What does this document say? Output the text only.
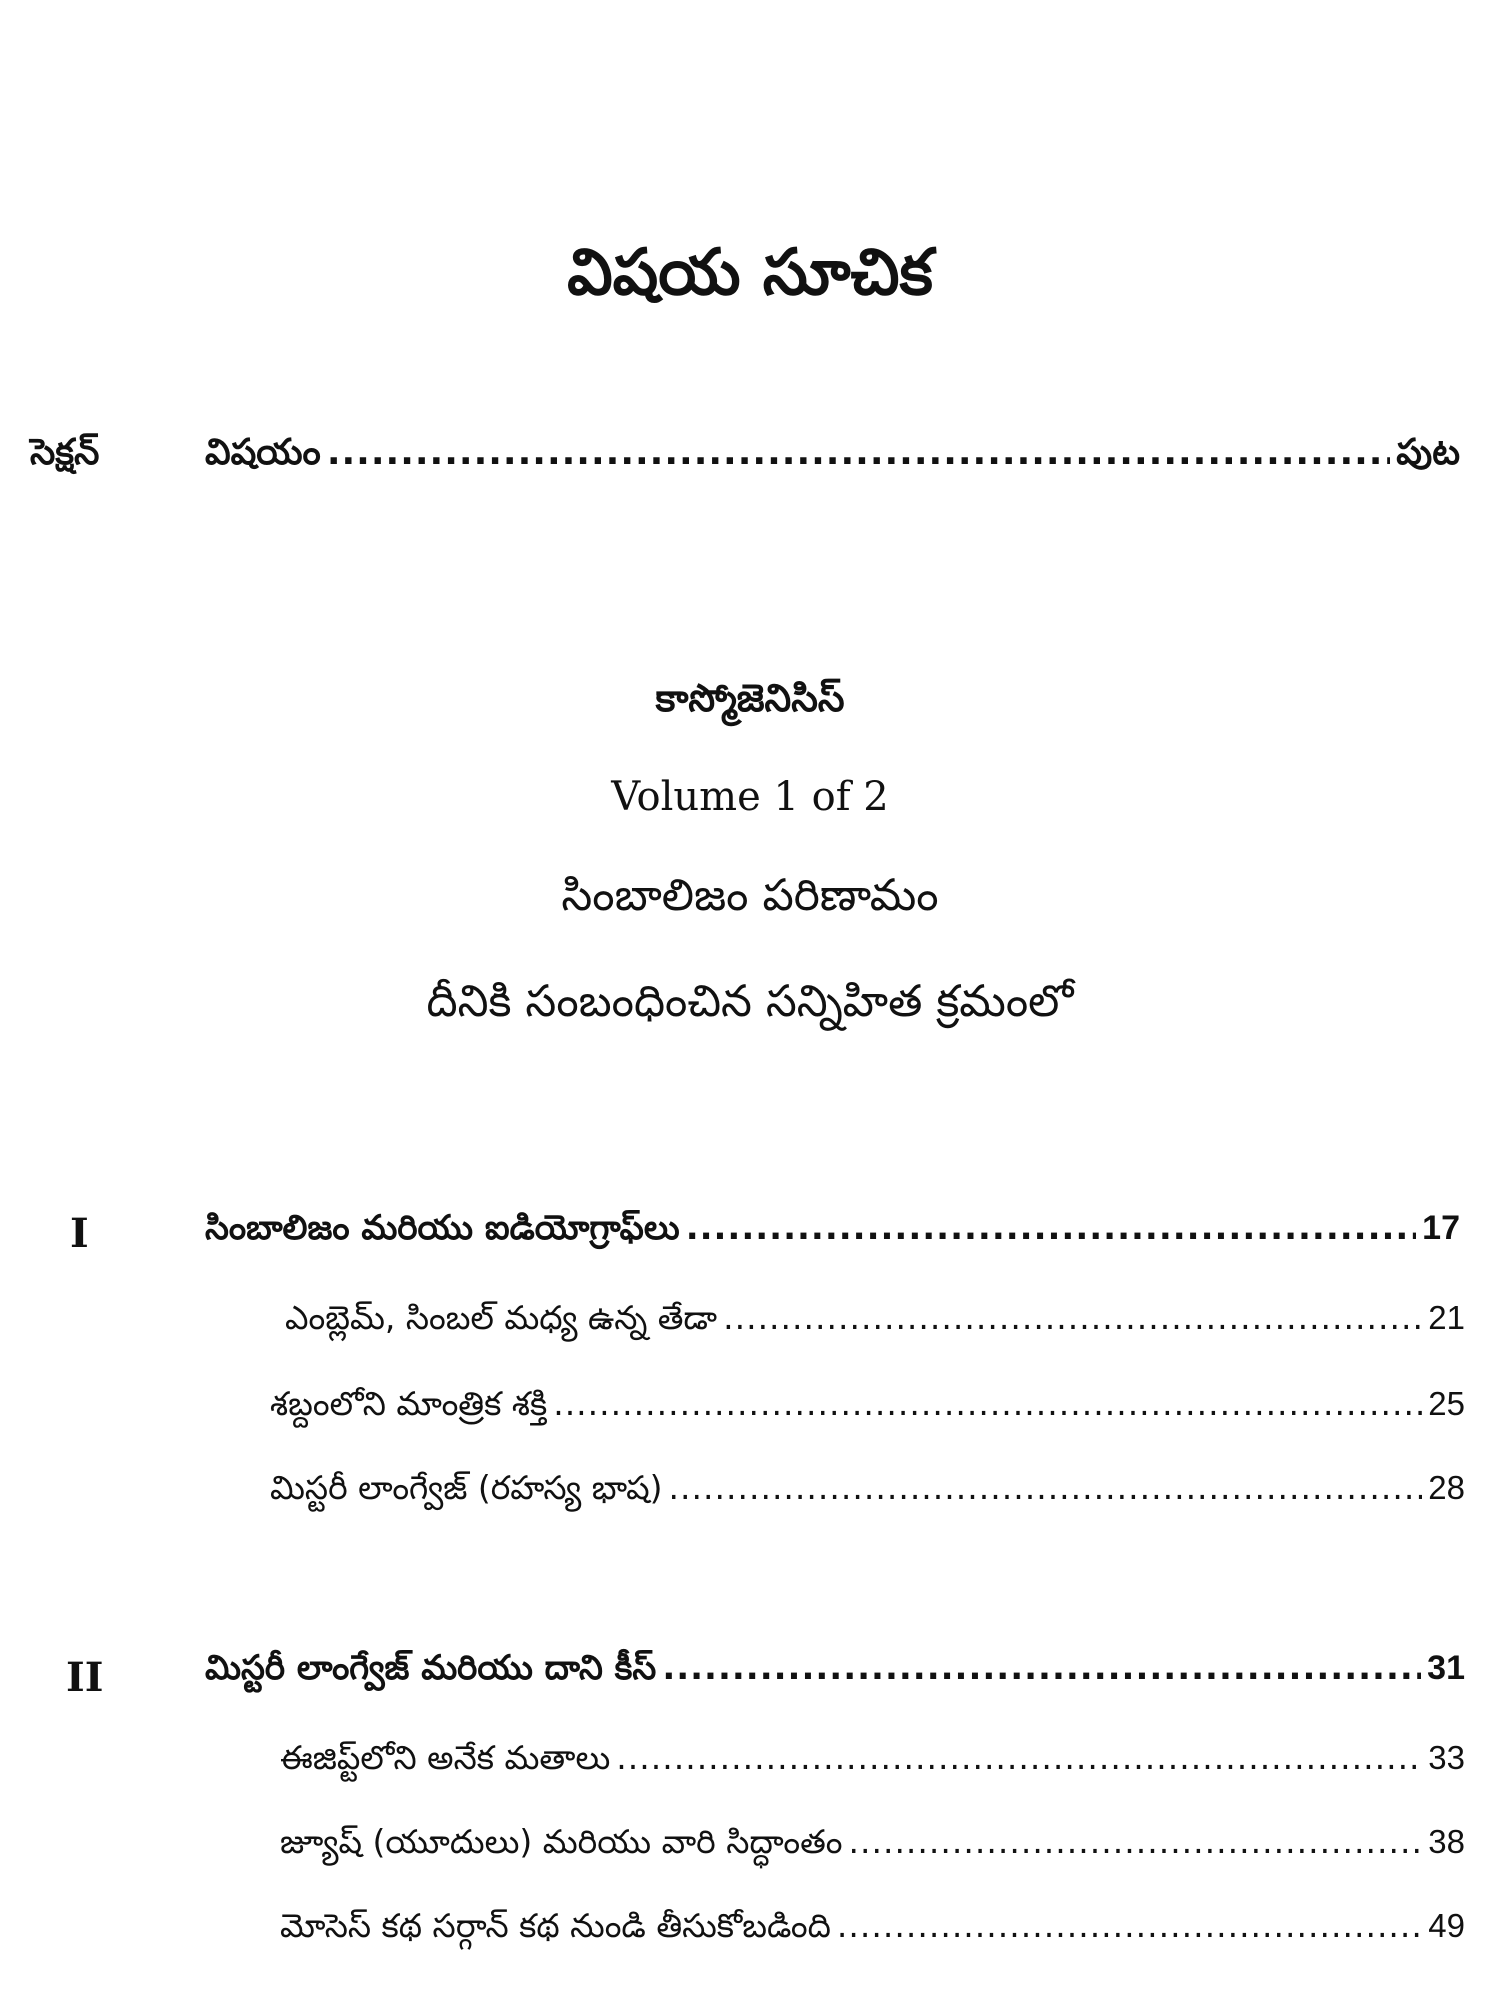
విషయ సూచిక
సెక్షన్	విషయం .....	పుట
కాస్మోజెనిసిస్
Volume 1 of 2
సింబాలిజం పరిణామం
దీనికి సంబంధించిన సన్నిహిత క్రమంలో
I	సింబాలిజం మరియు ఐడియోగ్రాఫ్‌లు .....	17
ఎంబ్లెమ్, సింబల్ మధ్య ఉన్న తేడా .....	21
శబ్దంలోని మాంత్రిక శక్తి .....	25
మిస్టరీ లాంగ్వేజ్ (రహస్య భాష) .....	28
II	మిస్టరీ లాంగ్వేజ్ మరియు దాని కీస్ .....	31
ఈజిప్ట్‌లోని అనేక మతాలు .....	33
జ్యూష్ (యూదులు) మరియు వారి సిద్ధాంతం .....	38
మోసెస్ కథ సర్గాన్ కథ నుండి తీసుకోబడింది .....	49
